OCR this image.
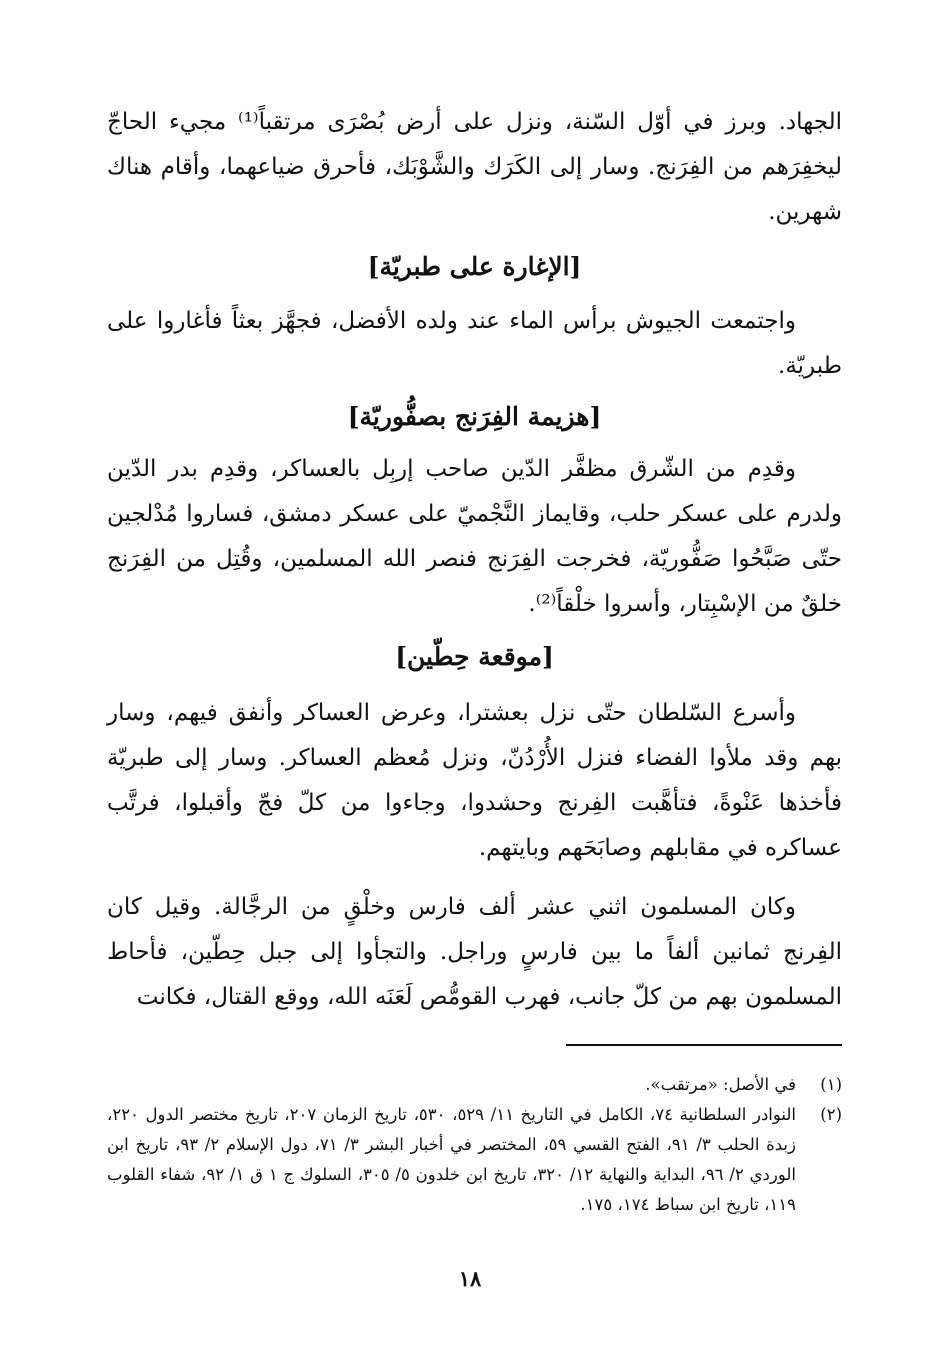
الجهاد. وبرز في أوّل السّنة، ونزل على أرض بُصْرَى مرتقباً⁽¹⁾ مجيء الحاجّ ليخفِرَهم من الفِرَنج. وسار إلى الكَرَك والشَّوْبَك، فأحرق ضياعهما، وأقام هناك شهرين.

[الإغارة على طبريّة]

واجتمعت الجيوش برأس الماء عند ولده الأفضل، فجهَّز بعثاً فأغاروا على طبريّة.

[هزيمة الفِرَنج بصفُّوريّة]

وقدِم من الشّرق مظفَّر الدّين صاحب إربِل بالعساكر، وقدِم بدر الدّين ولدرم على عسكر حلب، وقايماز النَّجْميّ على عسكر دمشق، فساروا مُدْلجين حتّى صَبَّحُوا صَفُّوريّة، فخرجت الفِرَنج فنصر الله المسلمين، وقُتِل من الفِرَنج خلقٌ من الإسْبِتار، وأسروا خلْقاً⁽²⁾.

[موقعة حِطّين]

وأسرع السّلطان حتّى نزل بعشترا، وعرض العساكر وأنفق فيهم، وسار بهم وقد ملأوا الفضاء فنزل الأُرْدُنّ، ونزل مُعظم العساكر. وسار إلى طبريّة فأخذها عَنْوةً، فتأهَّبت الفِرنج وحشدوا، وجاءوا من كلّ فجّ وأقبلوا، فرتَّب عساكره في مقابلهم وصابَحَهم وبايتهم.

وكان المسلمون اثني عشر ألف فارس وخلْقٍ من الرجَّالة. وقيل كان الفِرنج ثمانين ألفاً ما بين فارسٍ وراجل. والتجأوا إلى جبل حِطّين، فأحاط المسلمون بهم من كلّ جانب، فهرب القومُّص لَعَنَه الله، ووقع القتال، فكانت

(١)
في الأصل: «مرتقب».
(٢)
النوادر السلطانية ٧٤، الكامل في التاريخ ١١/ ٥٢٩، ٥٣٠، تاريخ الزمان ٢٠٧، تاريخ مختصر الدول ٢٢٠، زبدة الحلب ٣/ ٩١، الفتح القسي ٥٩، المختصر في أخبار البشر ٣/ ٧١، دول الإسلام ٢/ ٩٣، تاريخ ابن الوردي ٢/ ٩٦، البداية والنهاية ١٢/ ٣٢٠، تاريخ ابن خلدون ٥/ ٣٠٥، السلوك ج ١ ق ١/ ٩٢، شفاء القلوب ١١٩، تاريخ ابن سباط ١٧٤، ١٧٥.
١٨
